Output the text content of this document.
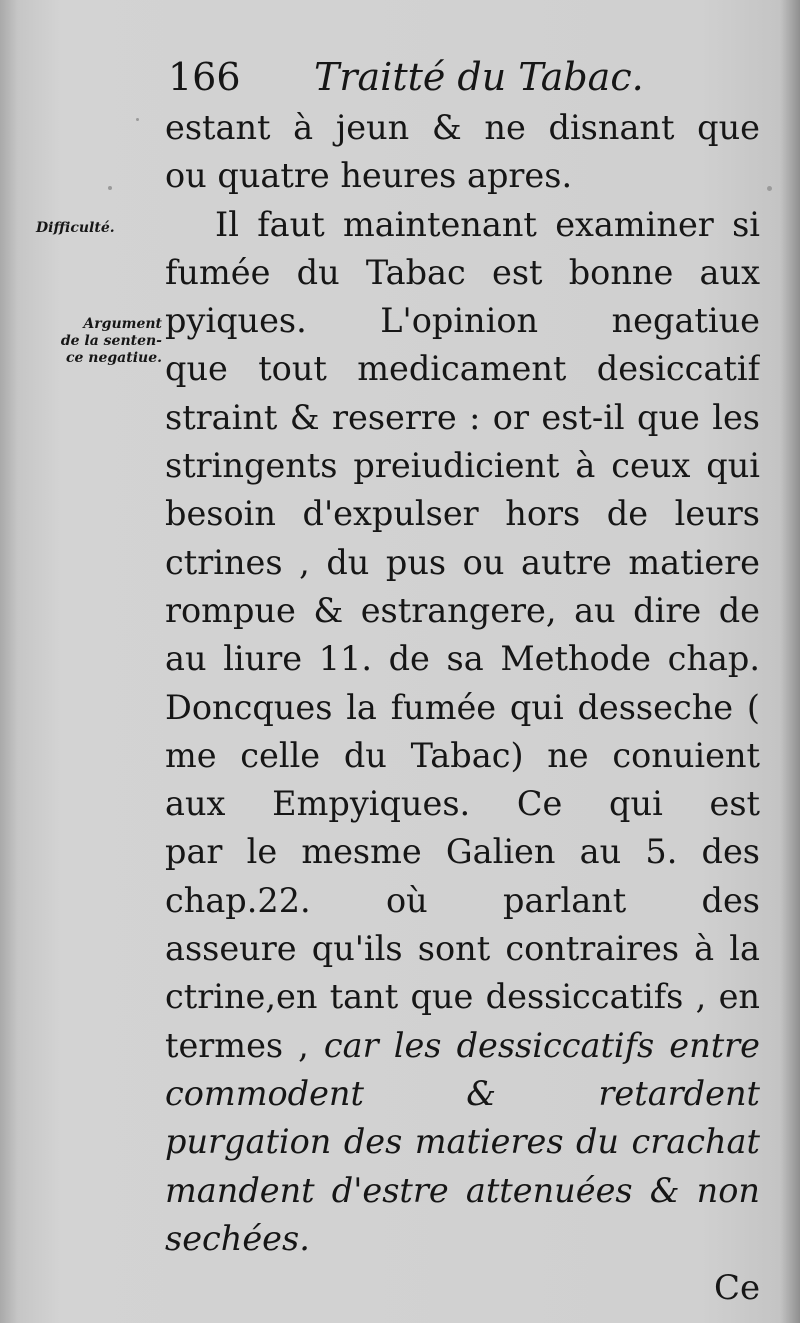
166 Traitté du Tabac.
Difficulté.
Argument
de la senten-
ce negatiue.
estant à jeun & ne disnant que
ou quatre heures apres.
Il faut maintenant examiner si
fumée du Tabac est bonne aux
pyiques. L'opinion negatiue
que tout medicament desiccatif
straint & reserre : or est-il que les
stringents preiudicient à ceux qui
besoin d'expulser hors de leurs
ctrines , du pus ou autre matiere
rompue & estrangere, au dire de
au liure 11. de sa Methode chap.
Doncques la fumée qui desseche (
me celle du Tabac) ne conuient
aux Empyiques. Ce qui est
par le mesme Galien au 5. des
chap.22. où parlant des
asseure qu'ils sont contraires à la
ctrine,en tant que dessiccatifs , en
termes , car les dessiccatifs entre
commodent & retardent
purgation des matieres du crachat
mandent d'estre attenuées & non
sechées.
Ce
